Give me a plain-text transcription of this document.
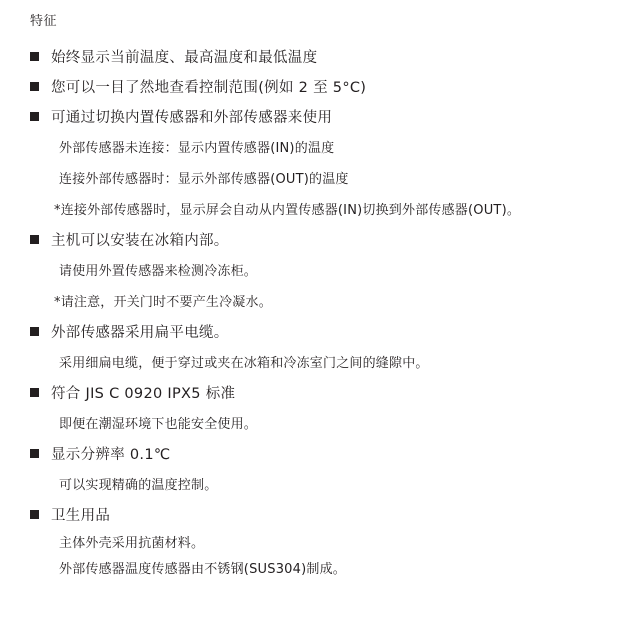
特征
始终显示当前温度、最高温度和最低温度
您可以一目了然地查看控制范围(例如 2 至 5°C)
可通过切换内置传感器和外部传感器来使用
外部传感器未连接：显示内置传感器(IN)的温度
连接外部传感器时：显示外部传感器(OUT)的温度
*连接外部传感器时，显示屏会自动从内置传感器(IN)切换到外部传感器(OUT)。
主机可以安装在冰箱内部。
请使用外置传感器来检测冷冻柜。
*请注意，开关门时不要产生冷凝水。
外部传感器采用扁平电缆。
采用细扁电缆，便于穿过或夹在冰箱和冷冻室门之间的缝隙中。
符合 JIS C 0920 IPX5 标准
即便在潮湿环境下也能安全使用。
显示分辨率 0.1℃
可以实现精确的温度控制。
卫生用品
主体外壳采用抗菌材料。
外部传感器温度传感器由不锈钢(SUS304)制成。
